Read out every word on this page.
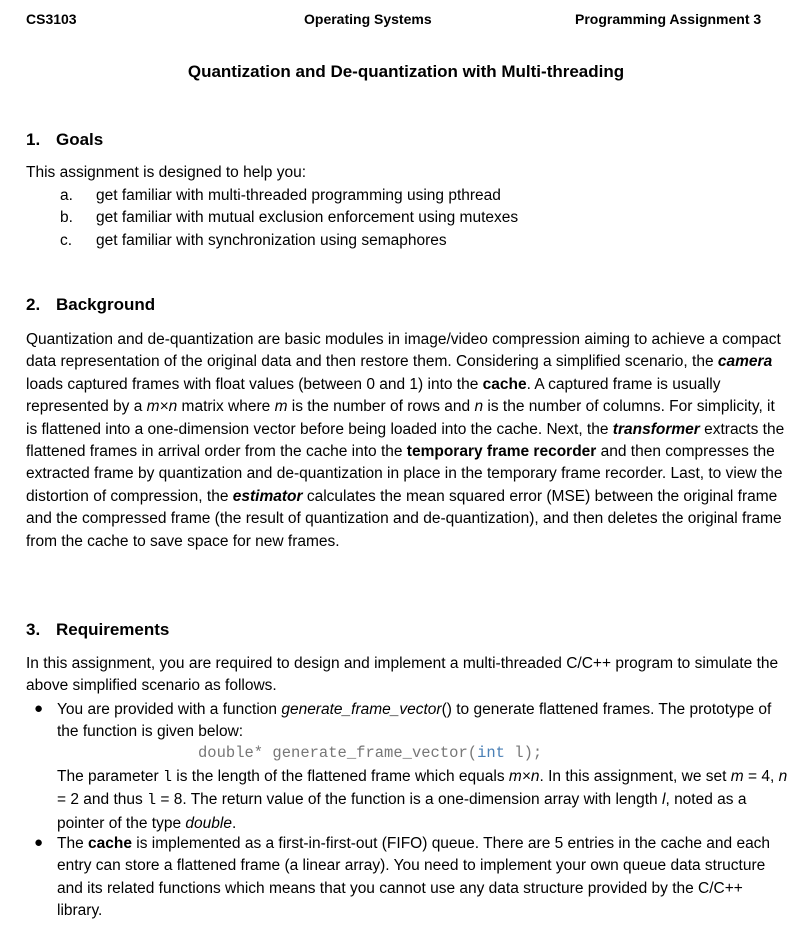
CS3103	Operating Systems	Programming Assignment 3
Quantization and De-quantization with Multi-threading
1. Goals
This assignment is designed to help you:
a. get familiar with multi-threaded programming using pthread
b. get familiar with mutual exclusion enforcement using mutexes
c. get familiar with synchronization using semaphores
2. Background
Quantization and de-quantization are basic modules in image/video compression aiming to achieve a compact data representation of the original data and then restore them. Considering a simplified scenario, the camera loads captured frames with float values (between 0 and 1) into the cache. A captured frame is usually represented by a m×n matrix where m is the number of rows and n is the number of columns. For simplicity, it is flattened into a one-dimension vector before being loaded into the cache. Next, the transformer extracts the flattened frames in arrival order from the cache into the temporary frame recorder and then compresses the extracted frame by quantization and de-quantization in place in the temporary frame recorder. Last, to view the distortion of compression, the estimator calculates the mean squared error (MSE) between the original frame and the compressed frame (the result of quantization and de-quantization), and then deletes the original frame from the cache to save space for new frames.
3. Requirements
In this assignment, you are required to design and implement a multi-threaded C/C++ program to simulate the above simplified scenario as follows.
● You are provided with a function generate_frame_vector() to generate flattened frames. The prototype of the function is given below:
double* generate_frame_vector(int l);
The parameter l is the length of the flattened frame which equals m×n. In this assignment, we set m = 4, n = 2 and thus l = 8. The return value of the function is a one-dimension array with length l, noted as a pointer of the type double.
● The cache is implemented as a first-in-first-out (FIFO) queue. There are 5 entries in the cache and each entry can store a flattened frame (a linear array). You need to implement your own queue data structure and its related functions which means that you cannot use any data structure provided by the C/C++ library.
